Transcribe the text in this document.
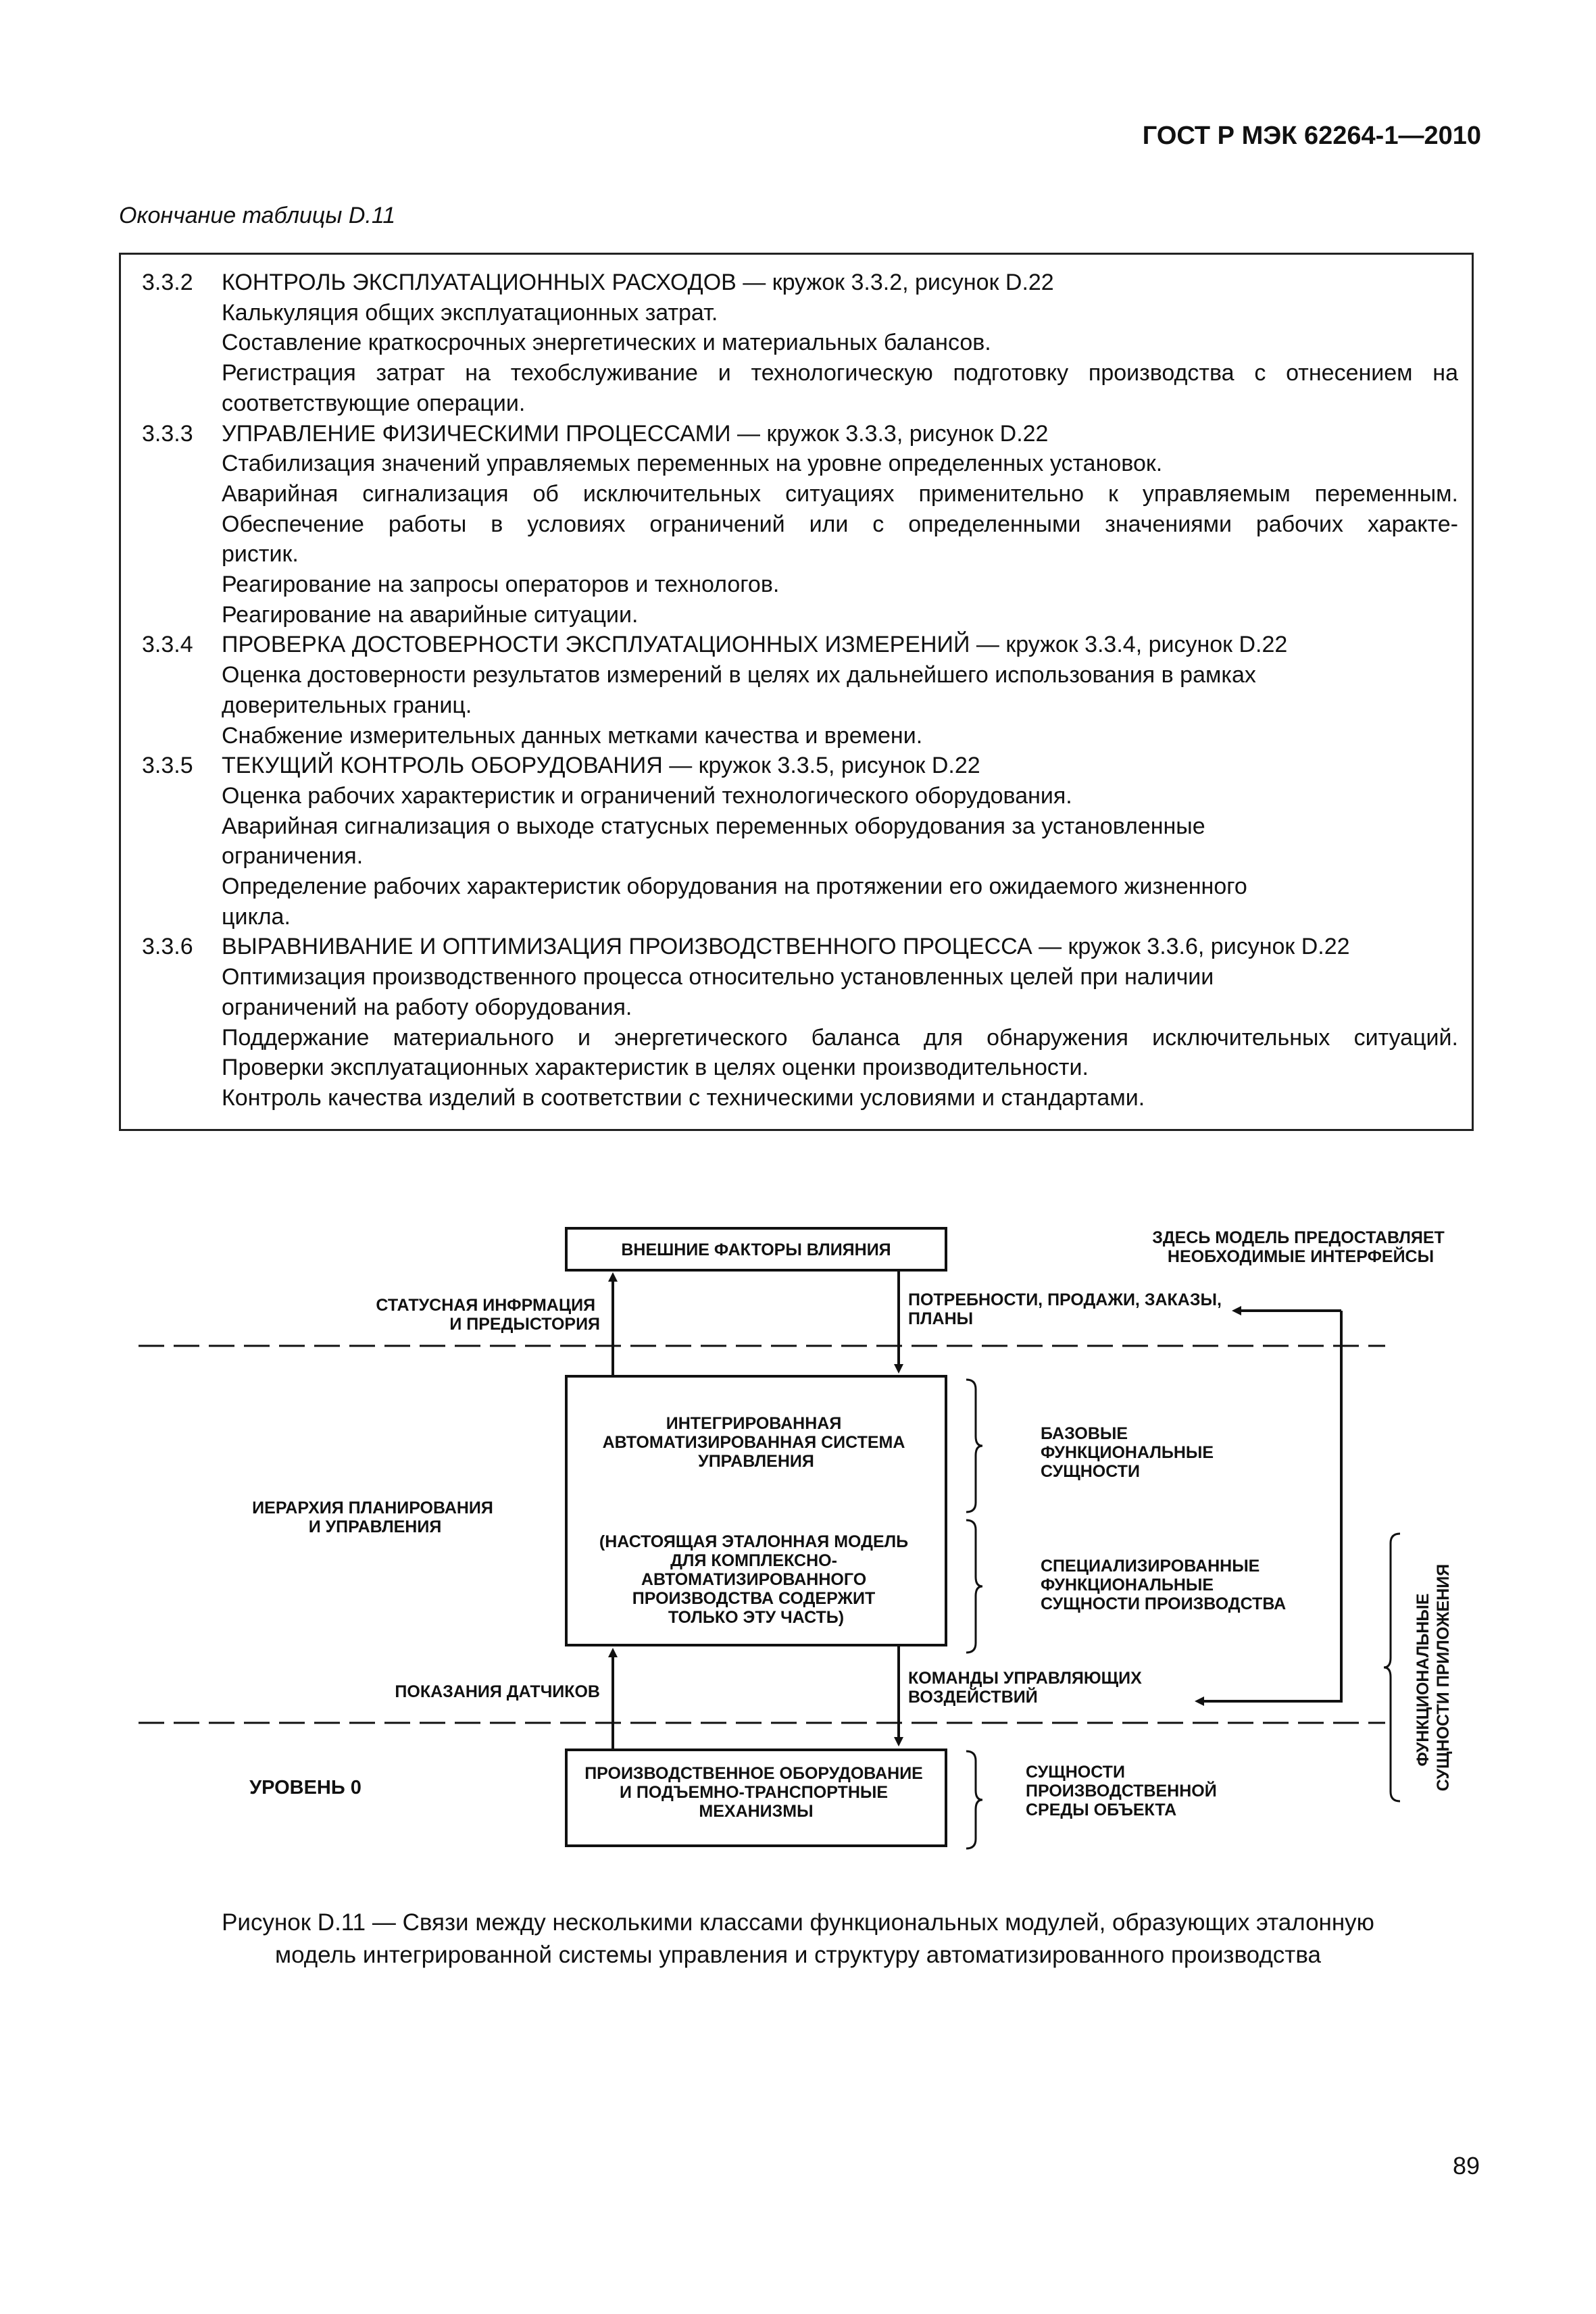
ГОСТ Р МЭК 62264-1—2010
Окончание таблицы D.11
3.3.2 КОНТРОЛЬ ЭКСПЛУАТАЦИОННЫХ РАСХОДОВ — кружок 3.3.2, рисунок D.22
Калькуляция общих эксплуатационных затрат.
Составление краткосрочных энергетических и материальных балансов.
Регистрация затрат на техобслуживание и технологическую подготовку производства с отнесением на
соответствующие операции.
3.3.3 УПРАВЛЕНИЕ ФИЗИЧЕСКИМИ ПРОЦЕССАМИ — кружок 3.3.3, рисунок D.22
Стабилизация значений управляемых переменных на уровне определенных установок.
Аварийная сигнализация об исключительных ситуациях применительно к управляемым переменным.
Обеспечение работы в условиях ограничений или с определенными значениями рабочих характе-
ристик.
Реагирование на запросы операторов и технологов.
Реагирование на аварийные ситуации.
3.3.4 ПРОВЕРКА ДОСТОВЕРНОСТИ ЭКСПЛУАТАЦИОННЫХ ИЗМЕРЕНИЙ — кружок 3.3.4, рисунок D.22
Оценка достоверности результатов измерений в целях их дальнейшего использования в рамках
доверительных границ.
Снабжение измерительных данных метками качества и времени.
3.3.5 ТЕКУЩИЙ КОНТРОЛЬ ОБОРУДОВАНИЯ — кружок 3.3.5, рисунок D.22
Оценка рабочих характеристик и ограничений технологического оборудования.
Аварийная сигнализация о выходе статусных переменных оборудования за установленные
ограничения.
Определение рабочих характеристик оборудования на протяжении его ожидаемого жизненного
цикла.
3.3.6 ВЫРАВНИВАНИЕ И ОПТИМИЗАЦИЯ ПРОИЗВОДСТВЕННОГО ПРОЦЕССА — кружок 3.3.6, рисунок D.22
Оптимизация производственного процесса относительно установленных целей при наличии
ограничений на работу оборудования.
Поддержание материального и энергетического баланса для обнаружения исключительных ситуаций.
Проверки эксплуатационных характеристик в целях оценки производительности.
Контроль качества изделий в соответствии с техническими условиями и стандартами.
ВНЕШНИЕ ФАКТОРЫ ВЛИЯНИЯ
ЗДЕСЬ МОДЕЛЬ ПРЕДОСТАВЛЯЕТ НЕОБХОДИМЫЕ ИНТЕРФЕЙСЫ
СТАТУСНАЯ ИНФРМАЦИЯ И ПРЕДЫСТОРИЯ
ПОТРЕБНОСТИ, ПРОДАЖИ, ЗАКАЗЫ, ПЛАНЫ
ИНТЕГРИРОВАННАЯ АВТОМАТИЗИРОВАННАЯ СИСТЕМА УПРАВЛЕНИЯ
(НАСТОЯЩАЯ ЭТАЛОННАЯ МОДЕЛЬ ДЛЯ КОМПЛЕКСНО- АВТОМАТИЗИРОВАННОГО ПРОИЗВОДСТВА СОДЕРЖИТ ТОЛЬКО ЭТУ ЧАСТЬ)
ИЕРАРХИЯ ПЛАНИРОВАНИЯ И УПРАВЛЕНИЯ
БАЗОВЫЕ ФУНКЦИОНАЛЬНЫЕ СУЩНОСТИ
СПЕЦИАЛИЗИРОВАННЫЕ ФУНКЦИОНАЛЬНЫЕ СУЩНОСТИ ПРОИЗВОДСТВА	ФУНКЦИОНАЛЬНЫЕ СУЩНОСТИ ПРИЛОЖЕНИЯ
ПОКАЗАНИЯ ДАТЧИКОВ
КОМАНДЫ УПРАВЛЯЮЩИХ ВОЗДЕЙСТВИЙ
УРОВЕНЬ 0
ПРОИЗВОДСТВЕННОЕ ОБОРУДОВАНИЕ И ПОДЪЕМНО-ТРАНСПОРТНЫЕ МЕХАНИЗМЫ
СУЩНОСТИ ПРОИЗВОДСТВЕННОЙ СРЕДЫ ОБЪЕКТА
Рисунок D.11 — Связи между несколькими классами функциональных модулей, образующих эталонную
модель интегрированной системы управления и структуру автоматизированного производства
89
